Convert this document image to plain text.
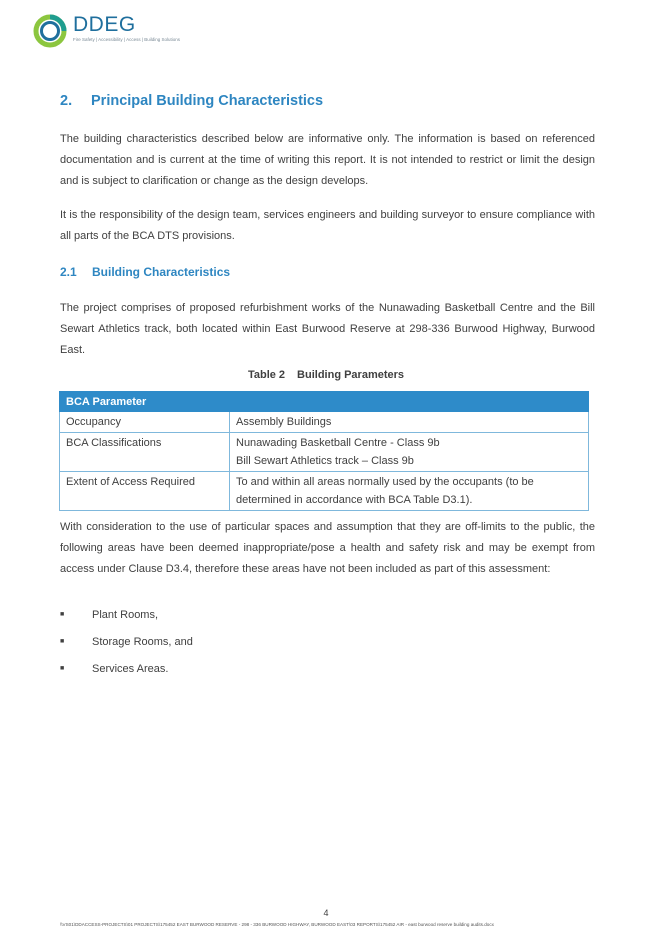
DDEG
Fire Safety | Accessibility | Access | Building Solutions
2. Principal Building Characteristics

The building characteristics described below are informative only. The information is based on referenced documentation and is current at the time of writing this report. It is not intended to restrict or limit the design and is subject to clarification or change as the design develops.

It is the responsibility of the design team, services engineers and building surveyor to ensure compliance with all parts of the BCA DTS provisions.

2.1 Building Characteristics

The project comprises of proposed refurbishment works of the Nunawading Basketball Centre and the Bill Sewart Athletics track, both located within East Burwood Reserve at 298-336 Burwood Highway, Burwood East.

Table 2 Building Parameters
BCA Parameter	
Occupancy	Assembly Buildings

BCA Classifications	Nunawading Basketball Centre - Class 9b
Bill Sewart Athletics track – Class 9b

Extent of Access Required	To and within all areas normally used by the occupants (to be determined in accordance with BCA Table D3.1).

With consideration to the use of particular spaces and assumption that they are off-limits to the public, the following areas have been deemed inappropriate/pose a health and safety risk and may be exempt from access under Clause D3.4, therefore these areas have not been included as part of this assessment:

■	Plant Rooms,
■	Storage Rooms, and
■	Services Areas.
4
\\VS01\DDACCESS-PROJECTS\01 PROJECTS\175452 EAST BURWOOD RESERVE - 298 - 336 BURWOOD HIGHWAY, BURWOOD EAST\03 REPORTS\175452 AIR - east burwood reserve building audits.docx
